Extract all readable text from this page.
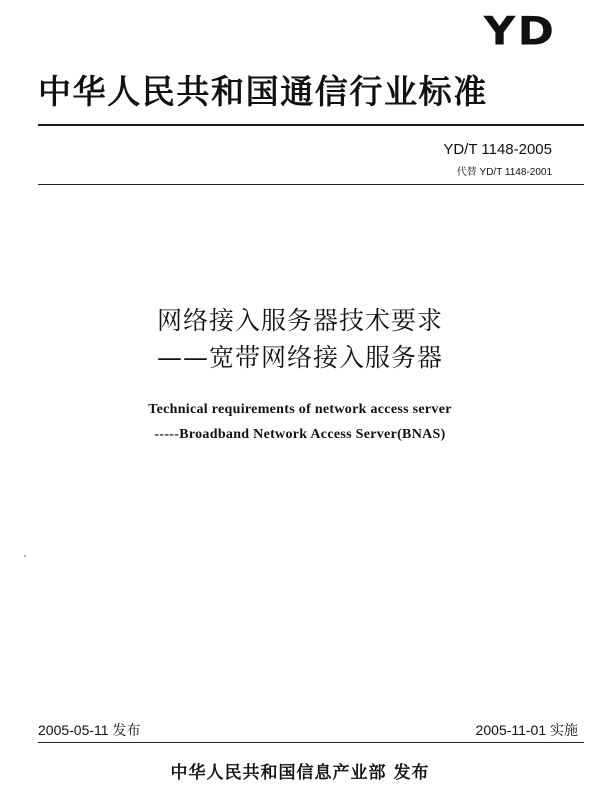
YD
中华人民共和国通信行业标准
YD/T 1148-2005
代替 YD/T 1148-2001
网络接入服务器技术要求
——宽带网络接入服务器
Technical requirements of network access server
-----Broadband Network Access Server(BNAS)
2005-05-11 发布	2005-11-01 实施
中华人民共和国信息产业部 发布
